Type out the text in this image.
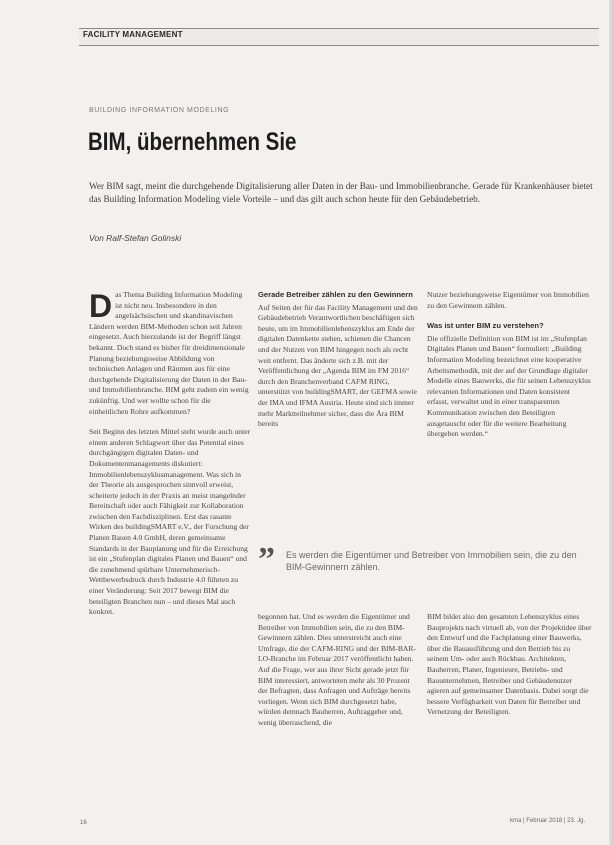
FACILITY MANAGEMENT
BUILDING INFORMATION MODELING
BIM, übernehmen Sie
Wer BIM sagt, meint die durchgehende Digitalisierung aller Daten in der Bau- und Immobilienbranche. Gerade für Krankenhäuser bietet das Building Information Modeling viele Vorteile – und das gilt auch schon heute für den Gebäudebetrieb.
Von Ralf-Stefan Golinski

Das Thema Building Information Modeling ist nicht neu. Insbesondere in den angelsächsischen und skandinavischen Ländern werden BIM-Methoden schon seit Jahren eingesetzt. Auch hierzulande ist der Begriff längst bekannt. Doch stand es bisher für dreidimensionale Planung beziehungsweise Abbildung von technischen Anlagen und Räumen aus für eine durchgehende Digitalisierung der Daten in der Bau- und Immobilienbranche. BIM geht zudem ein wenig zukünftig. Und wer wollte schon für die einheitlichen Rohre aufkommen?

Seit Beginn des letzten Mittel steht wurde auch unter einem anderen Schlagwort über das Potential eines durchgängigen digitalen Daten- und Dokumentenmanagements diskutiert: Immobilienlebenszyklusmanagement. Was sich in der Theorie als ausgesprochen sinnvoll erweist, scheiterte jedoch in der Praxis an meist mangelnder Bereitschaft oder auch Fähigkeit zur Kollaboration zwischen den Fachdisziplinen. Erst das rasante Wirken des buildingSMART e.V., der Forschung der Planen Bauen 4.0 GmbH, deren gemeinsame Standards in der Bauplanung und für die Erreichung ist ein „Stufenplan digitales Planen und Bauen“ und die zunehmend spürbare Unternehmerisch-Wettbewerbsdruck durch Industrie 4.0 führten zu einer Veränderung: Seit 2017 bewegt BIM die beteiligten Branchen nun – und dieses Mal auch konkret.

Gerade Betreiber zählen zu den Gewinnern

Auf Seiten der für das Facility Management und den Gebäudebetrieb Verantwortlichen beschäftigen sich heute, um im Immobilienlebenszyklus am Ende der digitalen Datenkette stehen, schienen die Chancen und der Nutzen von BIM hingegen noch als recht weit entfernt. Das änderte sich z.B. mit der Veröffentlichung der „Agenda BIM im FM 2016“ durch den Branchenverband CAFM RING, unterstützt von buildingSMART, der GEFMA sowie der IMA und IFMA Austria. Heute sind sich immer mehr Marktteilnehmer sicher, dass die Ära BIM bereits

begonnen hat. Und es werden die Eigentümer und Betreiber von Immobilien sein, die zu den BIM-Gewinnern zählen. Dies unterstreicht auch eine Umfrage, die der CAFM-RING und der BIM-BAR-LO-Branche im Februar 2017 veröffentlicht haben. Auf die Frage, wer aus ihrer Sicht gerade jetzt für BIM interessiert, antworteten mehr als 30 Prozent der Befragten, dass Anfragen und Aufträge bereits vorliegen. Wenn sich BIM durchgesetzt habe, würden demnach Bauherren, Auftraggeber und, wenig überraschend, die

Nutzer beziehungsweise Eigentümer von Immobilien zu den Gewinnern zählen.

Was ist unter BIM zu verstehen?

Die offizielle Definition von BIM ist im „Stufenplan Digitales Planen und Bauen“ formuliert: „Building Information Modeling bezeichnet eine kooperative Arbeitsmethodik, mit der auf der Grundlage digitaler Modelle eines Bauwerks, die für seinen Lebenszyklus relevanten Informationen und Daten konsistent erfasst, verwaltet und in einer transparenten Kommunikation zwischen den Beteiligten ausgetauscht oder für die weitere Bearbeitung übergeben werden.“

BIM bildet also den gesamten Lebenszyklus eines Bauprojekts nach virtuell ab, von der Projektidee über den Entwurf und die Fachplanung einer Bauwerks, über die Bauausführung und den Betrieb bis zu seinem Um- oder auch Rückbau. Architekten, Bauherren, Planer, Ingenieure, Betriebs- und Bauunternehmen, Betreiber und Gebäudenutzer agieren auf gemeinsamer Datenbasis. Dabei sorgt die bessere Verfügbarkeit von Daten für Betreiber und Vernetzung der Beteiligten.

” Es werden die Eigentümer und Betreiber von Immobilien sein, die zu den BIM-Gewinnern zählen.
16	kma | Februar 2018 | 23. Jg.
